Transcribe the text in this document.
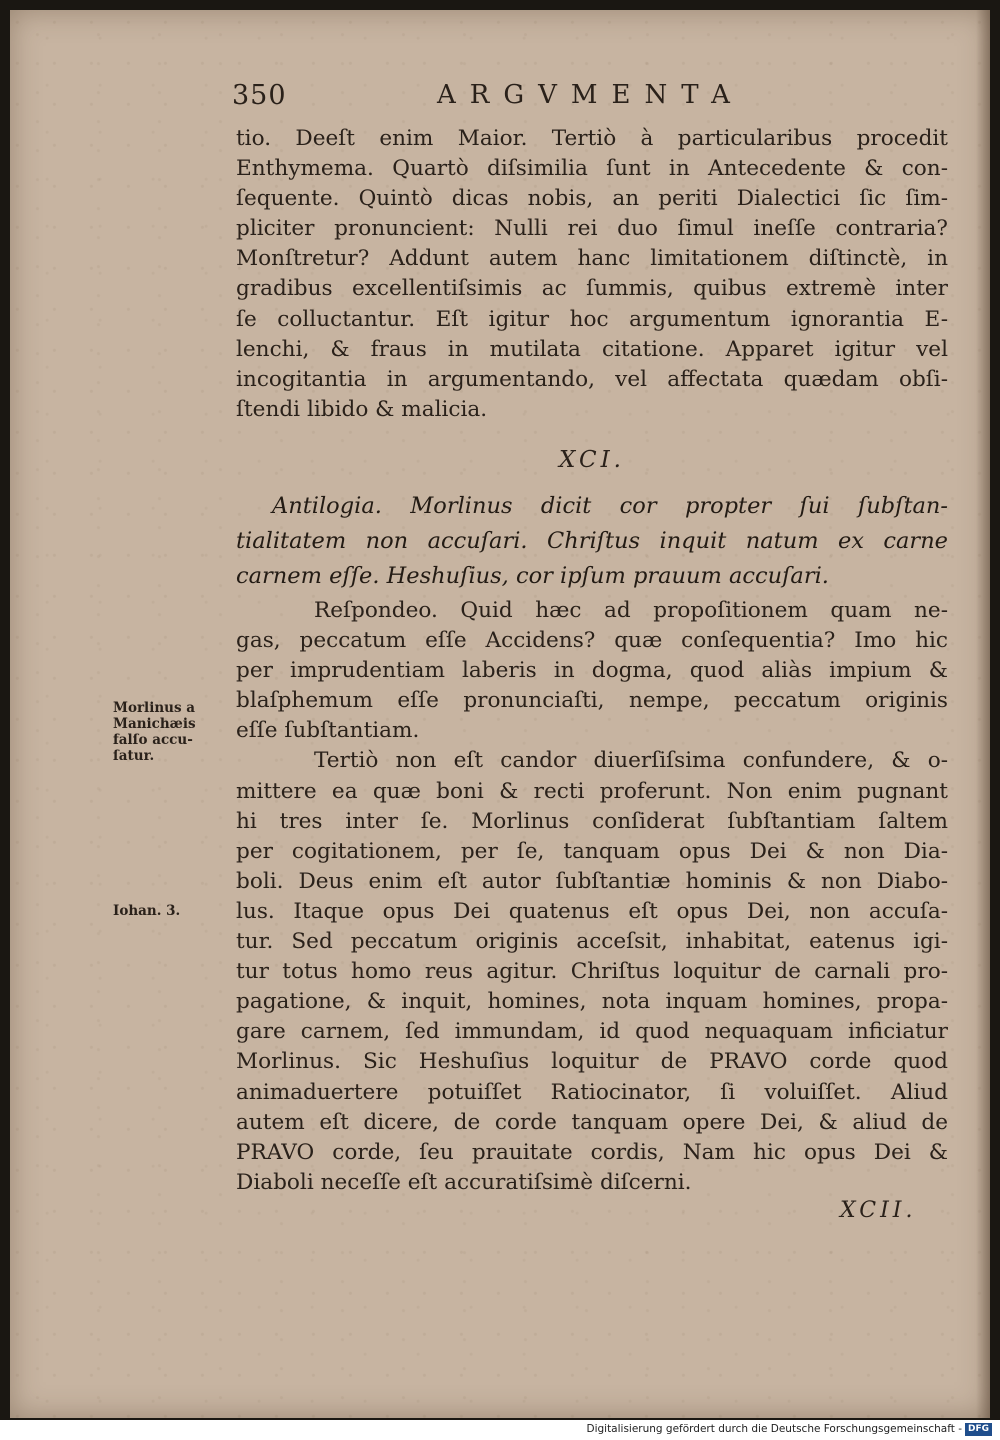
350	ARGVMENTA
tio. Deeſt enim Maior. Tertiò à particularibus procedit
Enthymema. Quartò diſsimilia ſunt in Antecedente & con-
ſequente. Quintò dicas nobis, an periti Dialectici ſic ſim-
pliciter pronuncient: Nulli rei duo ſimul ineſſe contraria?
Monſtretur? Addunt autem hanc limitationem diſtinctè, in
gradibus excellentiſsimis ac ſummis, quibus extremè inter
ſe colluctantur. Eſt igitur hoc argumentum ignorantia E-
lenchi, & fraus in mutilata citatione. Apparet igitur vel
incogitantia in argumentando, vel affectata quædam obſi-
ſtendi libido & malicia.
XCI.
Antilogia. Morlinus dicit cor propter ſui ſubſtan-
tialitatem non accuſari. Chriſtus inquit natum ex carne
carnem eſſe. Heshuſius, cor ipſum prauum accuſari.
Reſpondeo. Quid hæc ad propoſitionem quam ne-
gas, peccatum eſſe Accidens? quæ conſequentia? Imo hic
per imprudentiam laberis in dogma, quod aliàs impium &
blaſphemum eſſe pronunciaſti, nempe, peccatum originis
eſſe ſubſtantiam.
Tertiò non eſt candor diuerſiſsima confundere, & o-
mittere ea quæ boni & recti proferunt. Non enim pugnant
hi tres inter ſe. Morlinus conſiderat ſubſtantiam ſaltem
per cogitationem, per ſe, tanquam opus Dei & non Dia-
boli. Deus enim eſt autor ſubſtantiæ hominis & non Diabo-
lus. Itaque opus Dei quatenus eſt opus Dei, non accuſa-
tur. Sed peccatum originis acceſsit, inhabitat, eatenus igi-
tur totus homo reus agitur. Chriſtus loquitur de carnali pro-
pagatione, & inquit, homines, nota inquam homines, propa-
gare carnem, ſed immundam, id quod nequaquam inficiatur
Morlinus. Sic Heshuſius loquitur de PRAVO corde quod
animaduertere potuiſſet Ratiocinator, ſi voluiſſet. Aliud
autem eſt dicere, de corde tanquam opere Dei, & aliud de
PRAVO corde, ſeu prauitate cordis, Nam hic opus Dei &
Diaboli neceſſe eſt accuratiſsimè diſcerni.
Morlinus a
Manichæis
falſo accu-
ſatur.
Iohan. 3.
XCII.
Digitalisierung gefördert durch die Deutsche Forschungsgemeinschaft - DFG
